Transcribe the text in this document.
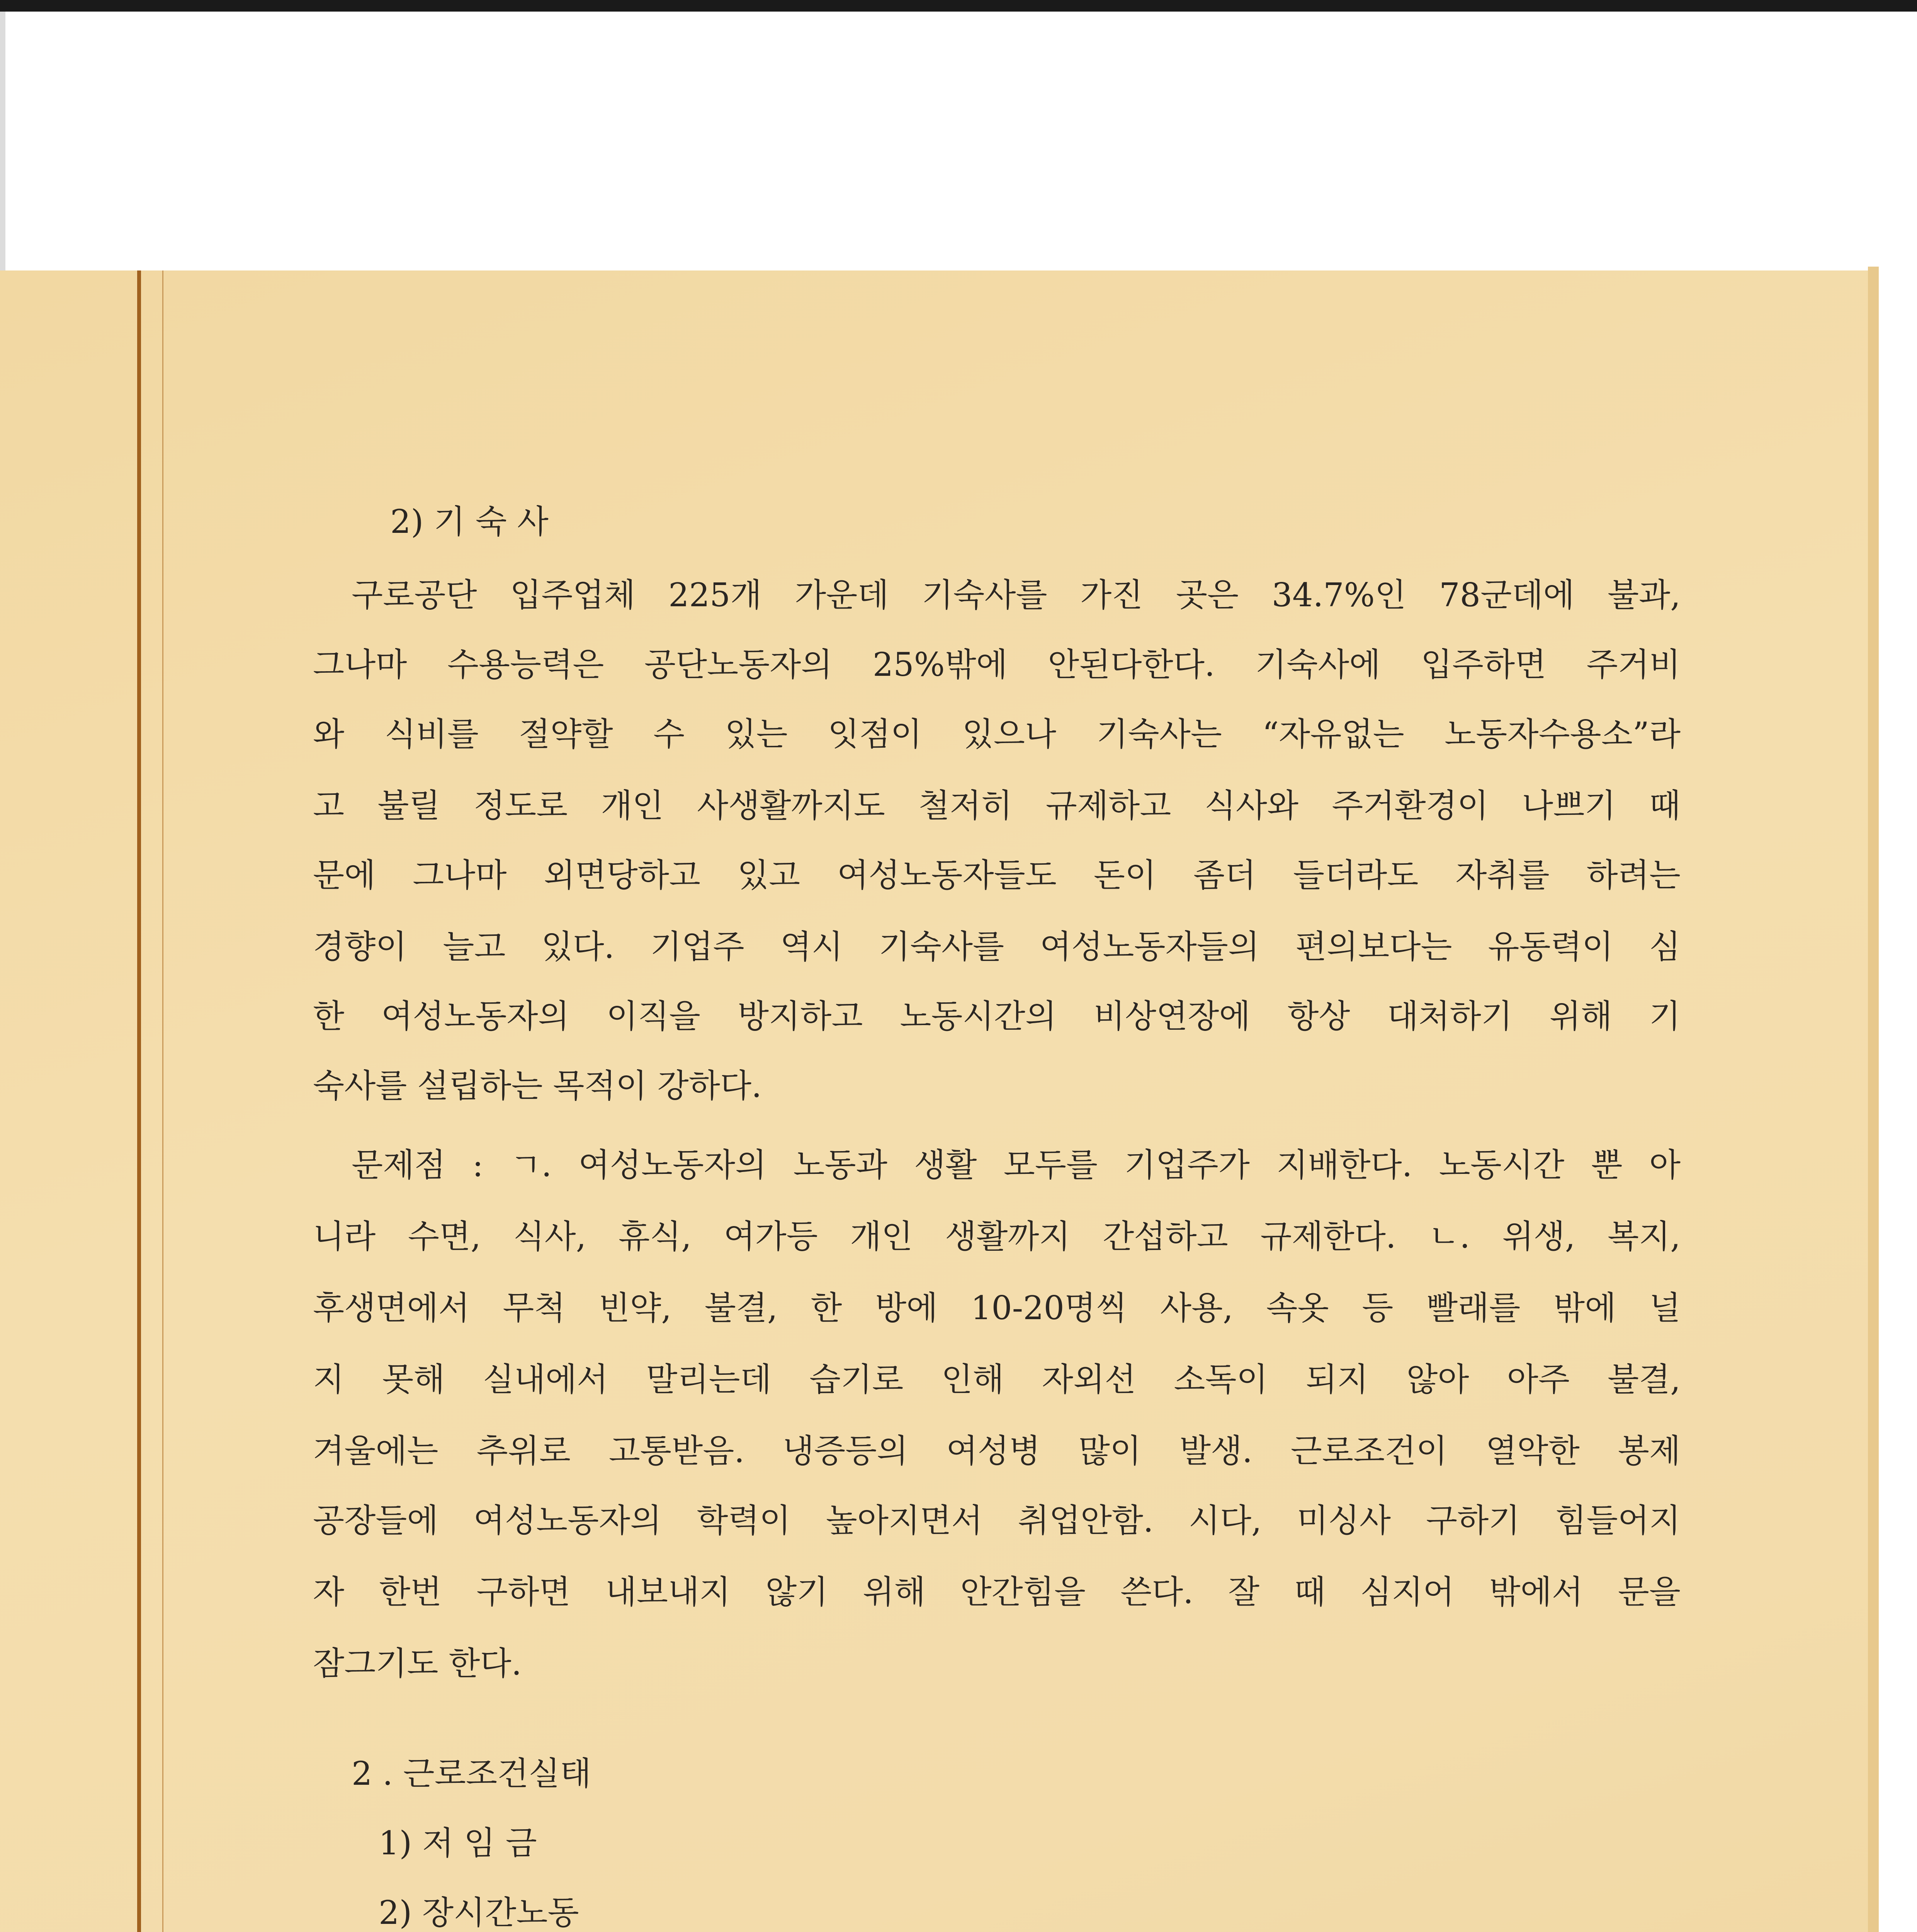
2) 기 숙 사
구로공단 입주업체 225개 가운데 기숙사를 가진 곳은 34.7%인 78군데에 불과,
그나마 수용능력은 공단노동자의 25%밖에 안된다한다. 기숙사에 입주하면 주거비
와 식비를 절약할 수 있는 잇점이 있으나 기숙사는 “자유없는 노동자수용소”라
고 불릴 정도로 개인 사생활까지도 철저히 규제하고 식사와 주거환경이 나쁘기 때
문에 그나마 외면당하고 있고 여성노동자들도 돈이 좀더 들더라도 자취를 하려는
경향이 늘고 있다. 기업주 역시 기숙사를 여성노동자들의 편의보다는 유동력이 심
한 여성노동자의 이직을 방지하고 노동시간의 비상연장에 항상 대처하기 위해 기
숙사를 설립하는 목적이 강하다.
문제점 : ㄱ. 여성노동자의 노동과 생활 모두를 기업주가 지배한다. 노동시간 뿐 아
니라 수면, 식사, 휴식, 여가등 개인 생활까지 간섭하고 규제한다. ㄴ. 위생, 복지,
후생면에서 무척 빈약, 불결, 한 방에 10-20명씩 사용, 속옷 등 빨래를 밖에 널
지 못해 실내에서 말리는데 습기로 인해 자외선 소독이 되지 않아 아주 불결,
겨울에는 추위로 고통받음. 냉증등의 여성병 많이 발생. 근로조건이 열악한 봉제
공장들에 여성노동자의 학력이 높아지면서 취업안함. 시다, 미싱사 구하기 힘들어지
자 한번 구하면 내보내지 않기 위해 안간힘을 쓴다. 잘 때 심지어 밖에서 문을
잠그기도 한다.
2 . 근로조건실태
1) 저 임 금
2) 장시간노동
